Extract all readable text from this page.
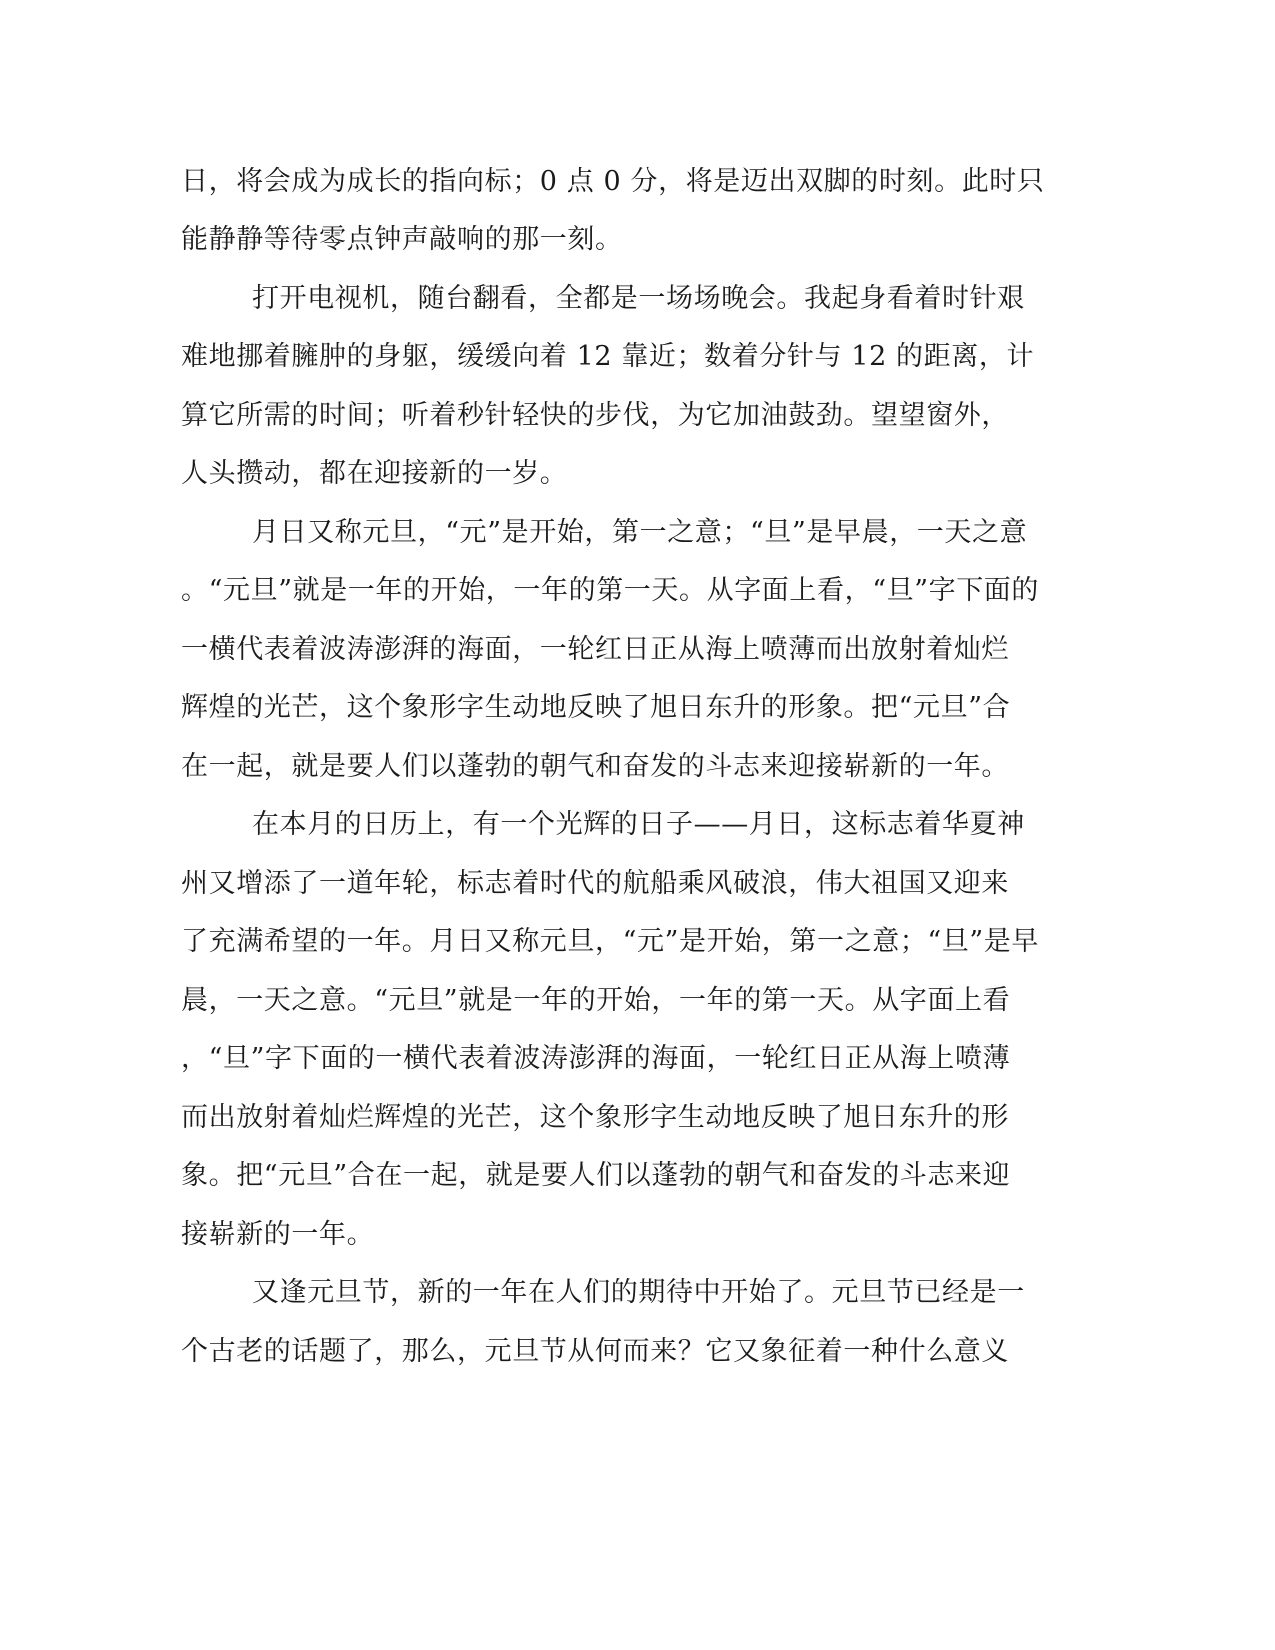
日，将会成为成长的指向标；0 点 0 分，将是迈出双脚的时刻。此时只
能静静等待零点钟声敲响的那一刻。
打开电视机，随台翻看，全都是一场场晚会。我起身看着时针艰
难地挪着臃肿的身躯，缓缓向着 12 靠近；数着分针与 12 的距离，计
算它所需的时间；听着秒针轻快的步伐，为它加油鼓劲。望望窗外，
人头攒动，都在迎接新的一岁。
月日又称元旦，“元”是开始，第一之意；“旦”是早晨，一天之意
。“元旦”就是一年的开始，一年的第一天。从字面上看，“旦”字下面的
一横代表着波涛澎湃的海面，一轮红日正从海上喷薄而出放射着灿烂
辉煌的光芒，这个象形字生动地反映了旭日东升的形象。把“元旦”合
在一起，就是要人们以蓬勃的朝气和奋发的斗志来迎接崭新的一年。
在本月的日历上，有一个光辉的日子——月日，这标志着华夏神
州又增添了一道年轮，标志着时代的航船乘风破浪，伟大祖国又迎来
了充满希望的一年。月日又称元旦，“元”是开始，第一之意；“旦”是早
晨，一天之意。“元旦”就是一年的开始，一年的第一天。从字面上看
，“旦”字下面的一横代表着波涛澎湃的海面，一轮红日正从海上喷薄
而出放射着灿烂辉煌的光芒，这个象形字生动地反映了旭日东升的形
象。把“元旦”合在一起，就是要人们以蓬勃的朝气和奋发的斗志来迎
接崭新的一年。
又逢元旦节，新的一年在人们的期待中开始了。元旦节已经是一
个古老的话题了，那么，元旦节从何而来？它又象征着一种什么意义
